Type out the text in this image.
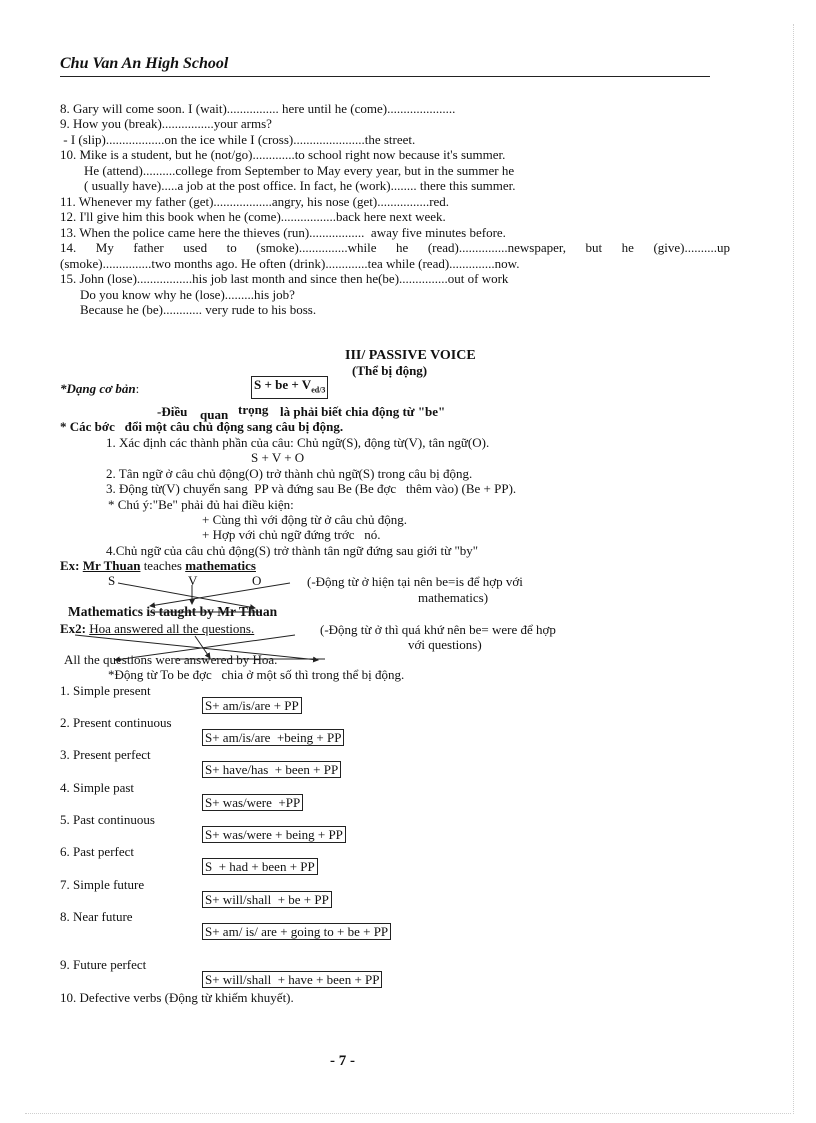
Chu Van An High School
8. Gary will come soon. I (wait)................ here until he (come).....................
9. How you (break)................your arms?
- I (slip)..................on the ice while I (cross)......................the street.
10. Mike is a student, but he (not/go).............to school right now because it's summer.
He (attend)..........college from September to May every year, but in the summer he
( usually have).....a job at the post office. In fact, he (work)........ there this summer.
11. Whenever my father (get)..................angry, his nose (get)................red.
12. I'll give him this book when he (come).................back here next week.
13. When the police came here the thieves (run).................  away five minutes before.
14. My father used to (smoke)...............while he (read)...............newspaper, but he (give)..........up
(smoke)...............two months ago. He often (drink).............tea while (read)..............now.
15. John (lose).................his job last month and since then he(be)...............out of work
Do you know why he (lose).........his job?
Because he (be)............ very rude to his boss.
III/ PASSIVE VOICE
(Thể bị động)
*Dạng cơ bản:	S + be + $V_{ed/3}$
-Điều quan trọng là phải biết chia động từ "be"
* Các bớc   đổi một câu chủ động sang câu bị động.
1. Xác định các thành phần của câu: Chủ ngữ(S), động từ(V), tân ngữ(O).
S + V + O
2. Tân ngữ ở câu chủ động(O) trở thành chủ ngữ(S) trong câu bị động.
3. Động từ(V) chuyển sang  PP và đứng sau Be (Be đợc   thêm vào) (Be + PP).
* Chú ý:"Be" phải đủ hai điều kiện:
+ Cùng thì với động từ ở câu chủ động.
+ Hợp với chủ ngữ đứng trớc   nó.
4.Chủ ngữ của câu chủ động(S) trở thành tân ngữ đứng sau giới từ "by"
Ex: Mr Thuan teaches mathematics
S	V	O	(-Động từ ở hiện tại nên be=is để hợp với
mathematics)
Mathematics is taught by Mr Thuan
Ex2: Hoa answered all the questions.	(-Động từ ở thì quá khứ nên be= were để hợp
với questions)
All the questions were answered by Hoa.
*Động từ To be đợc   chia ở một số thì trong thể bị động.
1. Simple present
S+ am/is/are + PP
2. Present continuous
S+ am/is/are  +being + PP
3. Present perfect
S+ have/has  + been + PP
4. Simple past
S+ was/were  +PP
5. Past continuous
S+ was/were + being + PP
6. Past perfect
S  + had + been + PP
7. Simple future
S+ will/shall  + be + PP
8. Near future
S+ am/ is/ are + going to + be + PP
9. Future perfect
S+ will/shall  + have + been + PP
10. Defective verbs (Động từ khiếm khuyết).
- 7 -
